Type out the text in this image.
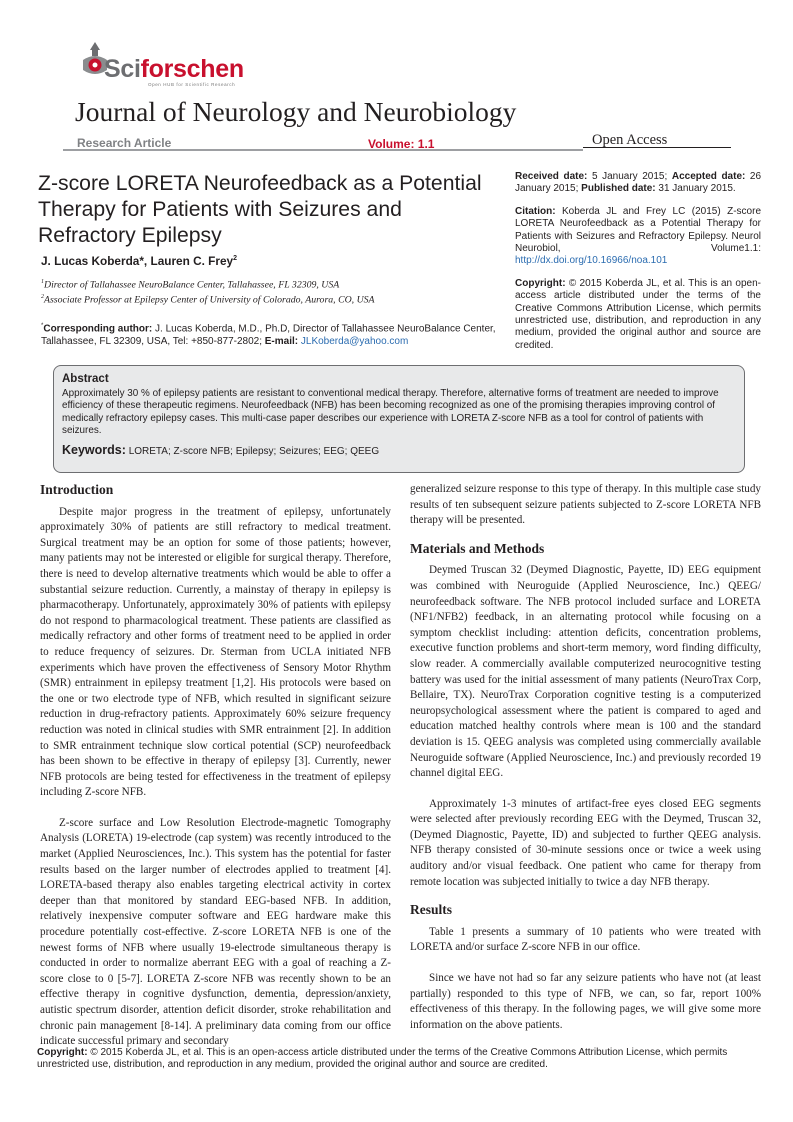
Sciforschen
Open HUB for Scientific Research
Journal of Neurology and Neurobiology
Research Article	Volume: 1.1	Open Access
Z-score LORETA Neurofeedback as a Potential Therapy for Patients with Seizures and Refractory Epilepsy
J. Lucas Koberda*, Lauren C. Frey$^2$
$^1$Director of Tallahassee NeuroBalance Center, Tallahassee, FL 32309, USA
$^2$Associate Professor at Epilepsy Center of University of Colorado, Aurora, CO, USA
*Corresponding author: J. Lucas Koberda, M.D., Ph.D, Director of Tallahassee NeuroBalance Center, Tallahassee, FL 32309, USA, Tel: +850-877-2802; E-mail: JLKoberda@yahoo.com

Received date: 5 January 2015; Accepted date: 26 January 2015; Published date: 31 January 2015.

Citation: Koberda JL and Frey LC (2015) Z-score LORETA Neurofeedback as a Potential Therapy for Patients with Seizures and Refractory Epilepsy. Neurol Neurobiol, Volume1.1: http://dx.doi.org/10.16966/noa.101

Copyright: © 2015 Koberda JL, et al. This is an open-access article distributed under the terms of the Creative Commons Attribution License, which permits unrestricted use, distribution, and reproduction in any medium, provided the original author and source are credited.

Abstract
Approximately 30 % of epilepsy patients are resistant to conventional medical therapy. Therefore, alternative forms of treatment are needed to improve efficiency of these therapeutic regimens. Neurofeedback (NFB) has been becoming recognized as one of the promising therapies improving control of medically refractory epilepsy cases. This multi-case paper describes our experience with LORETA Z-score NFB as a tool for control of patients with seizures.
Keywords: LORETA; Z-score NFB; Epilepsy; Seizures; EEG; QEEG
Introduction

Despite major progress in the treatment of epilepsy, unfortunately approximately 30% of patients are still refractory to medical treatment. Surgical treatment may be an option for some of those patients; however, many patients may not be interested or eligible for surgical therapy. Therefore, there is need to develop alternative treatments which would be able to offer a substantial seizure reduction. Currently, a mainstay of therapy in epilepsy is pharmacotherapy. Unfortunately, approximately 30% of patients with epilepsy do not respond to pharmacological treatment. These patients are classified as medically refractory and other forms of treatment need to be applied in order to reduce frequency of seizures. Dr. Sterman from UCLA initiated NFB experiments which have proven the effectiveness of Sensory Motor Rhythm (SMR) entrainment in epilepsy treatment [1,2]. His protocols were based on the one or two electrode type of NFB, which resulted in significant seizure reduction in drug-refractory patients. Approximately 60% seizure frequency reduction was noted in clinical studies with SMR entrainment [2]. In addition to SMR entrainment technique slow cortical potential (SCP) neurofeedback has been shown to be effective in therapy of epilepsy [3]. Currently, newer NFB protocols are being tested for effectiveness in the treatment of epilepsy including Z-score NFB.

Z-score surface and Low Resolution Electrode-magnetic Tomography Analysis (LORETA) 19-electrode (cap system) was recently introduced to the market (Applied Neurosciences, Inc.). This system has the potential for faster results based on the larger number of electrodes applied to treatment [4]. LORETA-based therapy also enables targeting electrical activity in cortex deeper than that monitored by standard EEG-based NFB. In addition, relatively inexpensive computer software and EEG hardware make this procedure potentially cost-effective. Z-score LORETA NFB is one of the newest forms of NFB where usually 19-electrode simultaneous therapy is conducted in order to normalize aberrant EEG with a goal of reaching a Z-score close to 0 [5-7]. LORETA Z-score NFB was recently shown to be an effective therapy in cognitive dysfunction, dementia, depression/anxiety, autistic spectrum disorder, attention deficit disorder, stroke rehabilitation and chronic pain management [8-14]. A preliminary data coming from our office indicate successful primary and secondary

generalized seizure response to this type of therapy. In this multiple case study results of ten subsequent seizure patients subjected to Z-score LORETA NFB therapy will be presented.

Materials and Methods

Deymed Truscan 32 (Deymed Diagnostic, Payette, ID) EEG equipment was combined with Neuroguide (Applied Neuroscience, Inc.) QEEG/ neurofeedback software. The NFB protocol included surface and LORETA (NF1/NFB2) feedback, in an alternating protocol while focusing on a symptom checklist including: attention deficits, concentration problems, executive function problems and short-term memory, word finding difficulty, slow reader. A commercially available computerized neurocognitive testing battery was used for the initial assessment of many patients (NeuroTrax Corp, Bellaire, TX). NeuroTrax Corporation cognitive testing is a computerized neuropsychological assessment where the patient is compared to aged and education matched healthy controls where mean is 100 and the standard deviation is 15. QEEG analysis was completed using commercially available Neuroguide software (Applied Neuroscience, Inc.) and previously recorded 19 channel digital EEG.

Approximately 1-3 minutes of artifact-free eyes closed EEG segments were selected after previously recording EEG with the Deymed, Truscan 32, (Deymed Diagnostic, Payette, ID) and subjected to further QEEG analysis. NFB therapy consisted of 30-minute sessions once or twice a week using auditory and/or visual feedback. One patient who came for therapy from remote location was subjected initially to twice a day NFB therapy.

Results

Table 1 presents a summary of 10 patients who were treated with LORETA and/or surface Z-score NFB in our office.

Since we have not had so far any seizure patients who have not (at least partially) responded to this type of NFB, we can, so far, report 100% effectiveness of this therapy. In the following pages, we will give some more information on the above patients.

Copyright: © 2015 Koberda JL, et al. This is an open-access article distributed under the terms of the Creative Commons Attribution License, which permits unrestricted use, distribution, and reproduction in any medium, provided the original author and source are credited.
